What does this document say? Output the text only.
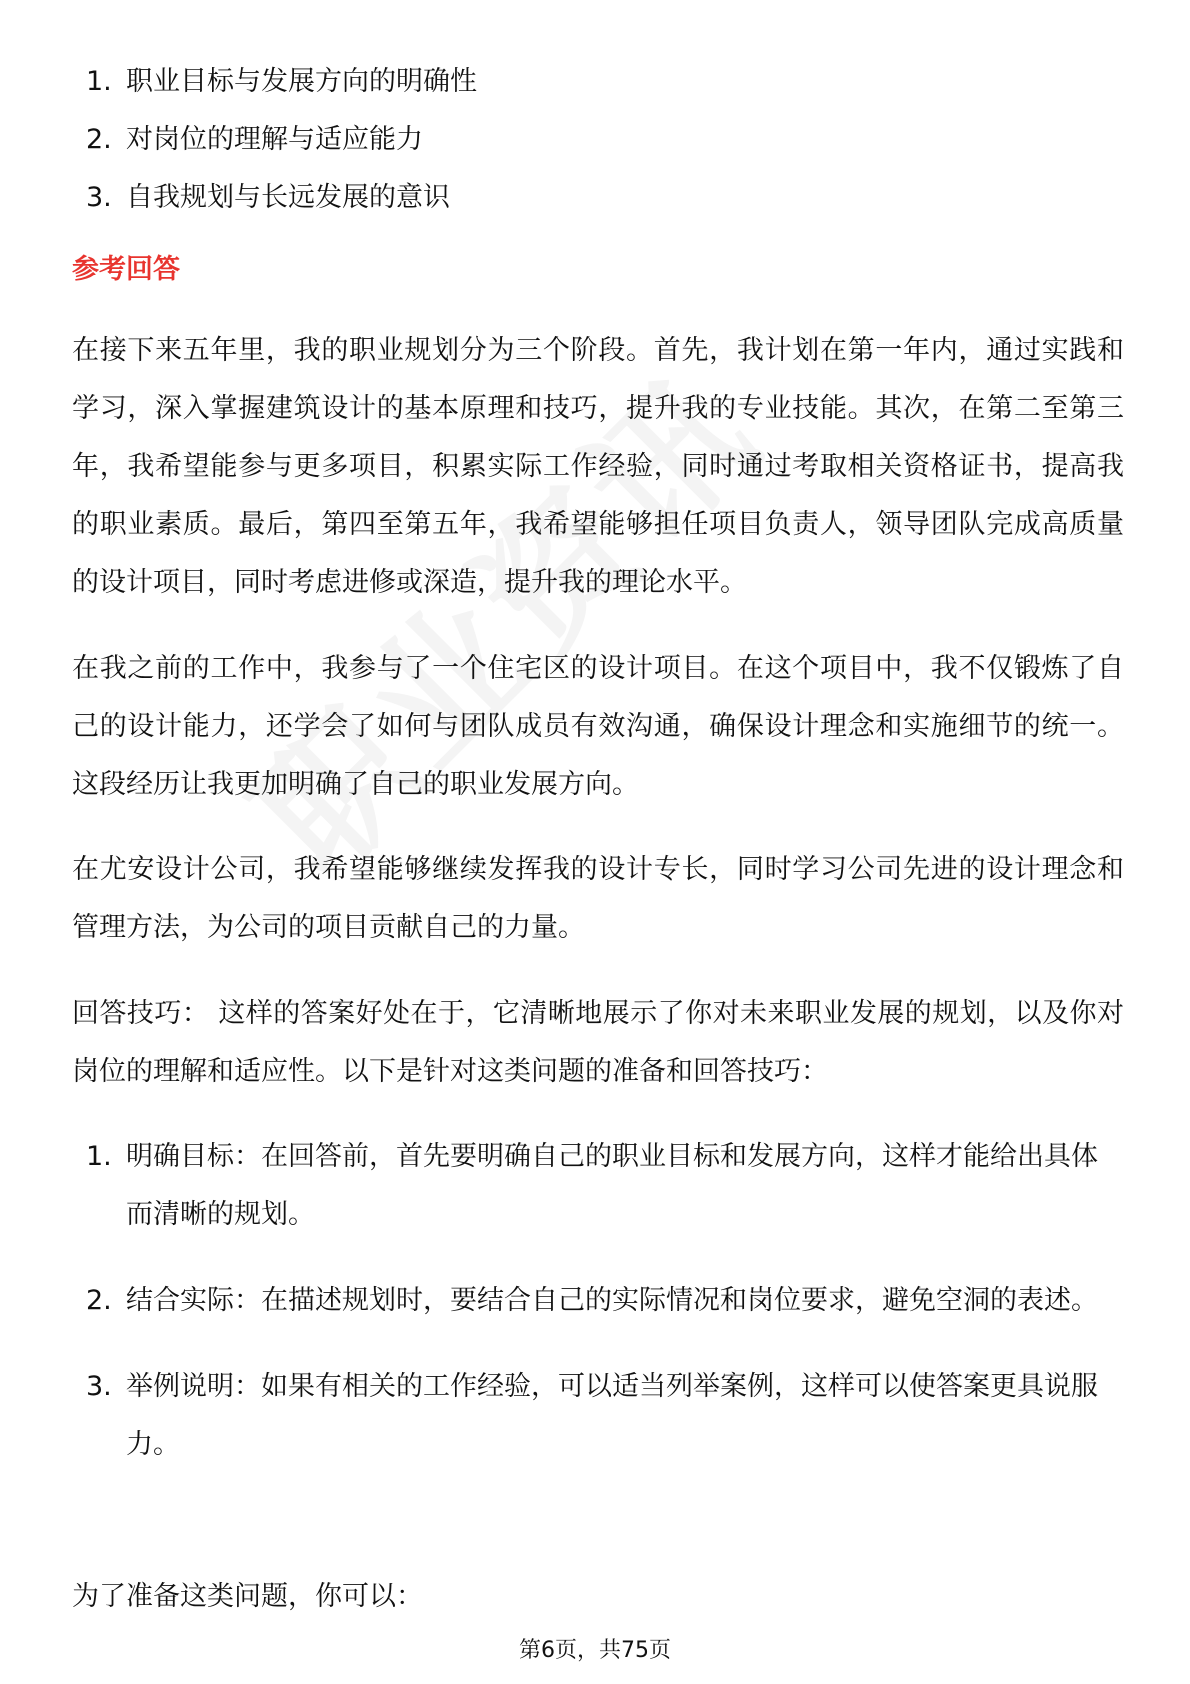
1. 职业目标与发展方向的明确性
2. 对岗位的理解与适应能力
3. 自我规划与长远发展的意识
参考回答

在接下来五年里，我的职业规划分为三个阶段。首先，我计划在第一年内，通过实践和学习，深入掌握建筑设计的基本原理和技巧，提升我的专业技能。其次，在第二至第三年，我希望能参与更多项目，积累实际工作经验，同时通过考取相关资格证书，提高我的职业素质。最后，第四至第五年，我希望能够担任项目负责人，领导团队完成高质量的设计项目，同时考虑进修或深造，提升我的理论水平。

在我之前的工作中，我参与了一个住宅区的设计项目。在这个项目中，我不仅锻炼了自己的设计能力，还学会了如何与团队成员有效沟通，确保设计理念和实施细节的统一。这段经历让我更加明确了自己的职业发展方向。

在尤安设计公司，我希望能够继续发挥我的设计专长，同时学习公司先进的设计理念和管理方法，为公司的项目贡献自己的力量。

回答技巧： 这样的答案好处在于，它清晰地展示了你对未来职业发展的规划，以及你对岗位的理解和适应性。以下是针对这类问题的准备和回答技巧：

1. 明确目标：在回答前，首先要明确自己的职业目标和发展方向，这样才能给出具体而清晰的规划。
2. 结合实际：在描述规划时，要结合自己的实际情况和岗位要求，避免空洞的表述。
3. 举例说明：如果有相关的工作经验，可以适当列举案例，这样可以使答案更具说服力。

为了准备这类问题，你可以：

第6页，共75页
